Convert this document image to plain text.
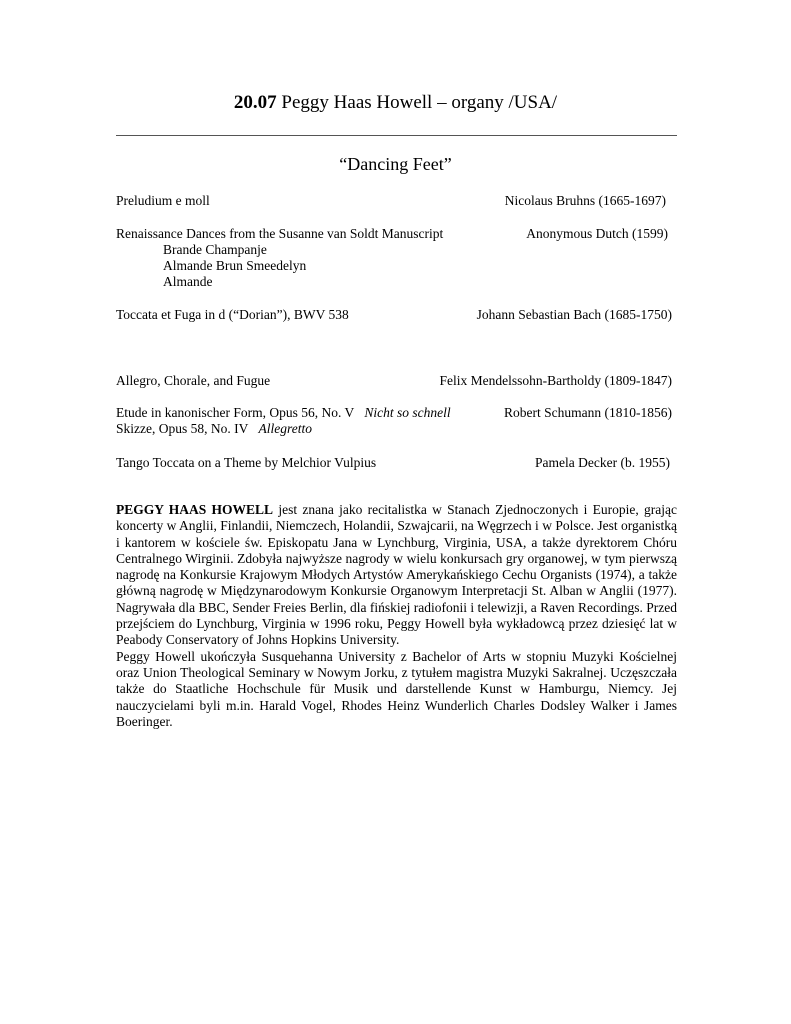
20.07 Peggy Haas Howell – organy /USA/
“Dancing Feet”
Preludium e moll	Nicolaus Bruhns (1665-1697)
Renaissance Dances from the Susanne van Soldt Manuscript	Anonymous Dutch (1599)
Brande Champanje
Almande Brun Smeedelyn
Almande
Toccata et Fuga in d (“Dorian”), BWV 538	Johann Sebastian Bach (1685-1750)
Allegro, Chorale, and Fugue	Felix Mendelssohn-Bartholdy (1809-1847)
Etude in kanonischer Form, Opus 56, No. V Nicht so schnell	Robert Schumann (1810-1856)
Skizze, Opus 58, No. IV Allegretto
Tango Toccata on a Theme by Melchior Vulpius	Pamela Decker (b. 1955)

PEGGY HAAS HOWELL jest znana jako recitalistka w Stanach Zjednoczonych i Europie, grając koncerty w Anglii, Finlandii, Niemczech, Holandii, Szwajcarii, na Węgrzech i w Polsce. Jest organistką i kantorem w kościele św. Episkopatu Jana w Lynchburg, Virginia, USA, a także dyrektorem Chóru Centralnego Wirginii. Zdobyła najwyższe nagrody w wielu konkursach gry organowej, w tym pierwszą nagrodę na Konkursie Krajowym Młodych Artystów Amerykańskiego Cechu Organists (1974), a także główną nagrodę w Międzynarodowym Konkursie Organowym Interpretacji St. Alban w Anglii (1977). Nagrywała dla BBC, Sender Freies Berlin, dla fińskiej radiofonii i telewizji, a Raven Recordings. Przed przejściem do Lynchburg, Virginia w 1996 roku, Peggy Howell była wykładowcą przez dziesięć lat w Peabody Conservatory of Johns Hopkins University.

Peggy Howell ukończyła Susquehanna University z Bachelor of Arts w stopniu Muzyki Kościelnej oraz Union Theological Seminary w Nowym Jorku, z tytułem magistra Muzyki Sakralnej. Uczęszczała także do Staatliche Hochschule für Musik und darstellende Kunst w Hamburgu, Niemcy. Jej nauczycielami byli m.in. Harald Vogel, Rhodes Heinz Wunderlich Charles Dodsley Walker i James Boeringer.
